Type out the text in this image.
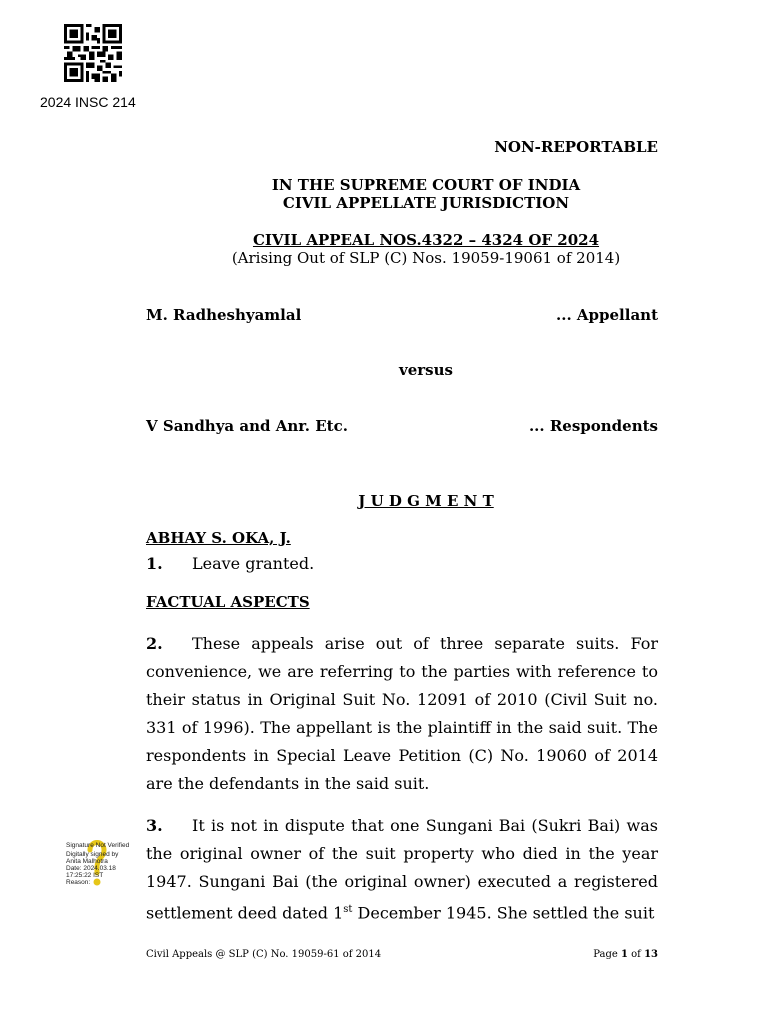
2024 INSC 214
NON-REPORTABLE
IN THE SUPREME COURT OF INDIA
CIVIL APPELLATE JURISDICTION
CIVIL APPEAL NOS.4322 – 4324 OF 2024
(Arising Out of SLP (C) Nos. 19059-19061 of 2014)
M. Radheshyamlal	... Appellant
versus
V Sandhya and Anr. Etc.	... Respondents
J U D G M E N T
ABHAY S. OKA, J.
1. Leave granted.
FACTUAL ASPECTS
2. These appeals arise out of three separate suits. For convenience, we are referring to the parties with reference to their status in Original Suit No. 12091 of 2010 (Civil Suit no. 331 of 1996). The appellant is the plaintiff in the said suit. The respondents in Special Leave Petition (C) No. 19060 of 2014 are the defendants in the said suit.
3. It is not in dispute that one Sungani Bai (Sukri Bai) was the original owner of the suit property who died in the year 1947. Sungani Bai (the original owner) executed a registered settlement deed dated 1st December 1945. She settled the suit
Signature Not Verified
Digitally signed by
Anita Malhotra
Date: 2024.03.18
17:25:22 IST
Reason:
Civil Appeals @ SLP (C) No. 19059-61 of 2014	Page 1 of 13
